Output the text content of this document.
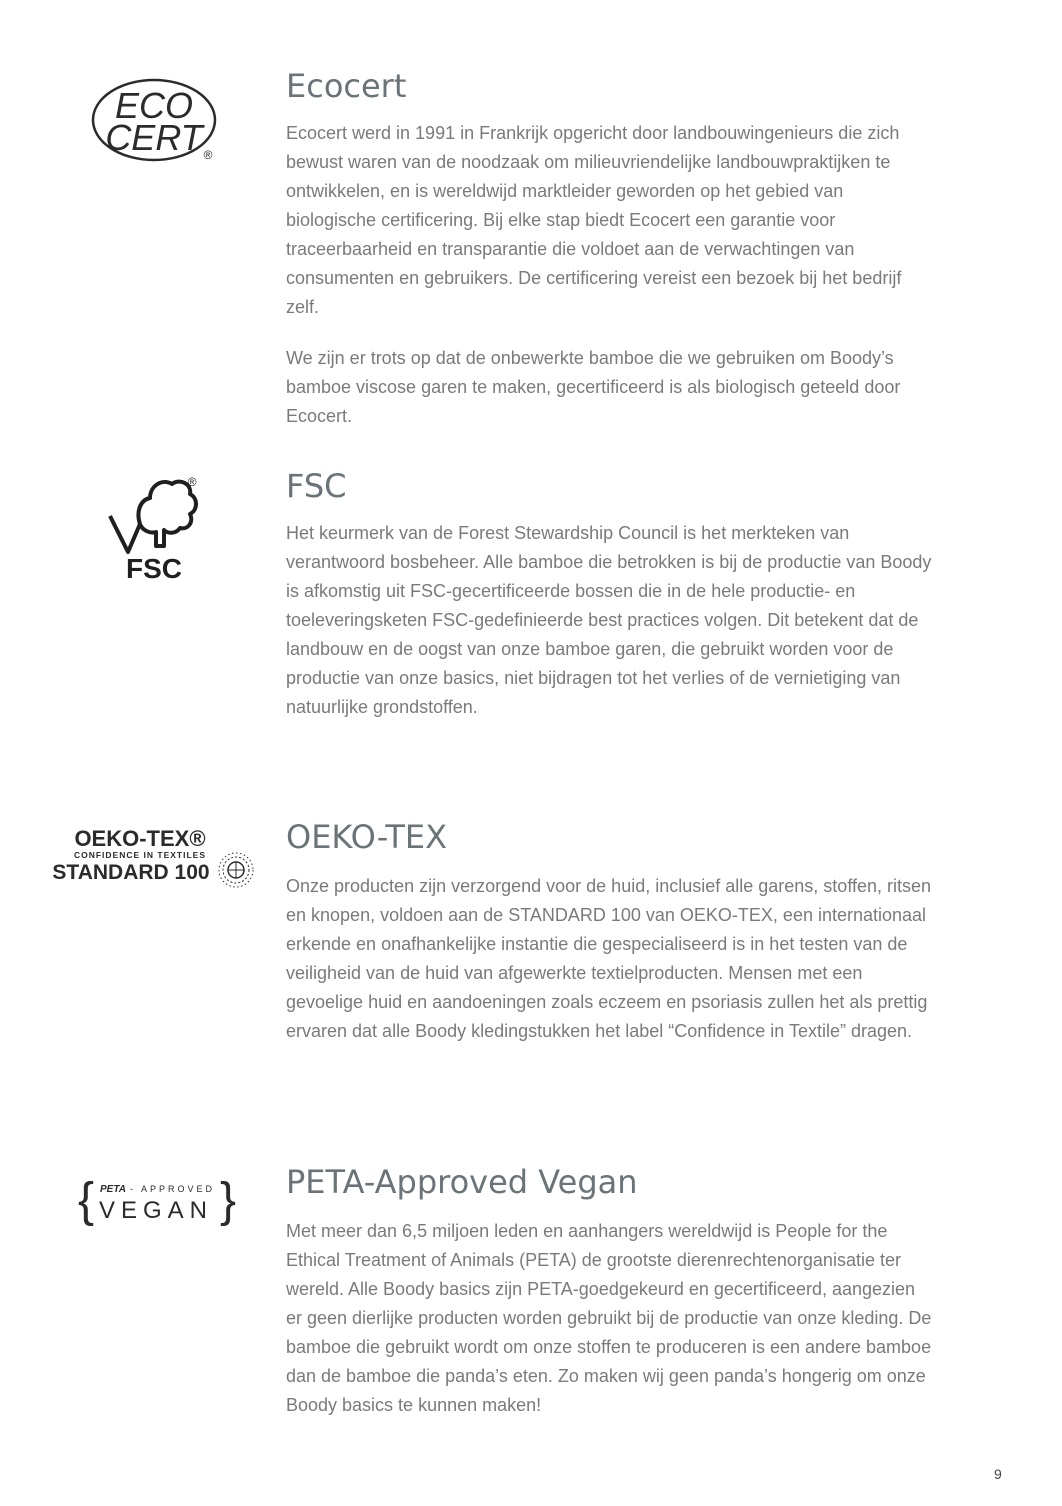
ECO
CERT ®
Ecocert

Ecocert werd in 1991 in Frankrijk opgericht door landbouwingenieurs die zich bewust waren van de noodzaak om milieuvriendelijke landbouwpraktijken te ontwikkelen, en is wereldwijd marktleider geworden op het gebied van biologische certificering. Bij elke stap biedt Ecocert een garantie voor traceerbaarheid en transparantie die voldoet aan de verwachtingen van consumenten en gebruikers. De certificering vereist een bezoek bij het bedrijf zelf.

We zijn er trots op dat de onbewerkte bamboe die we gebruiken om Boody’s bamboe viscose garen te maken, gecertificeerd is als biologisch geteeld door Ecocert.

FSC
®	FSC

Het keurmerk van de Forest Stewardship Council is het merkteken van verantwoord bosbeheer. Alle bamboe die betrokken is bij de productie van Boody is afkomstig uit FSC-gecertificeerde bossen die in de hele productie- en toeleveringsketen FSC-gedefinieerde best practices volgen. Dit betekent dat de landbouw en de oogst van onze bamboe garen, die gebruikt worden voor de productie van onze basics, niet bijdragen tot het verlies of de vernietiging van natuurlijke grondstoffen.

OEKO-TEX®
CONFIDENCE IN TEXTILES
STANDARD 100
OEKO-TEX

Onze producten zijn verzorgend voor de huid, inclusief alle garens, stoffen, ritsen en knopen, voldoen aan de STANDARD 100 van OEKO-TEX, een internationaal erkende en onafhankelijke instantie die gespecialiseerd is in het testen van de veiligheid van de huid van afgewerkte textielproducten. Mensen met een gevoelige huid en aandoeningen zoals eczeem en psoriasis zullen het als prettig ervaren dat alle Boody kledingstukken het label “Confidence in Textile” dragen.

{	}
PETA - APPROVED
VEGAN
PETA-Approved Vegan

Met meer dan 6,5 miljoen leden en aanhangers wereldwijd is People for the Ethical Treatment of Animals (PETA) de grootste dierenrechtenorganisatie ter wereld. Alle Boody basics zijn PETA-goedgekeurd en gecertificeerd, aangezien er geen dierlijke producten worden gebruikt bij de productie van onze kleding. De bamboe die gebruikt wordt om onze stoffen te produceren is een andere bamboe dan de bamboe die panda’s eten. Zo maken wij geen panda’s hongerig om onze Boody basics te kunnen maken!

9
